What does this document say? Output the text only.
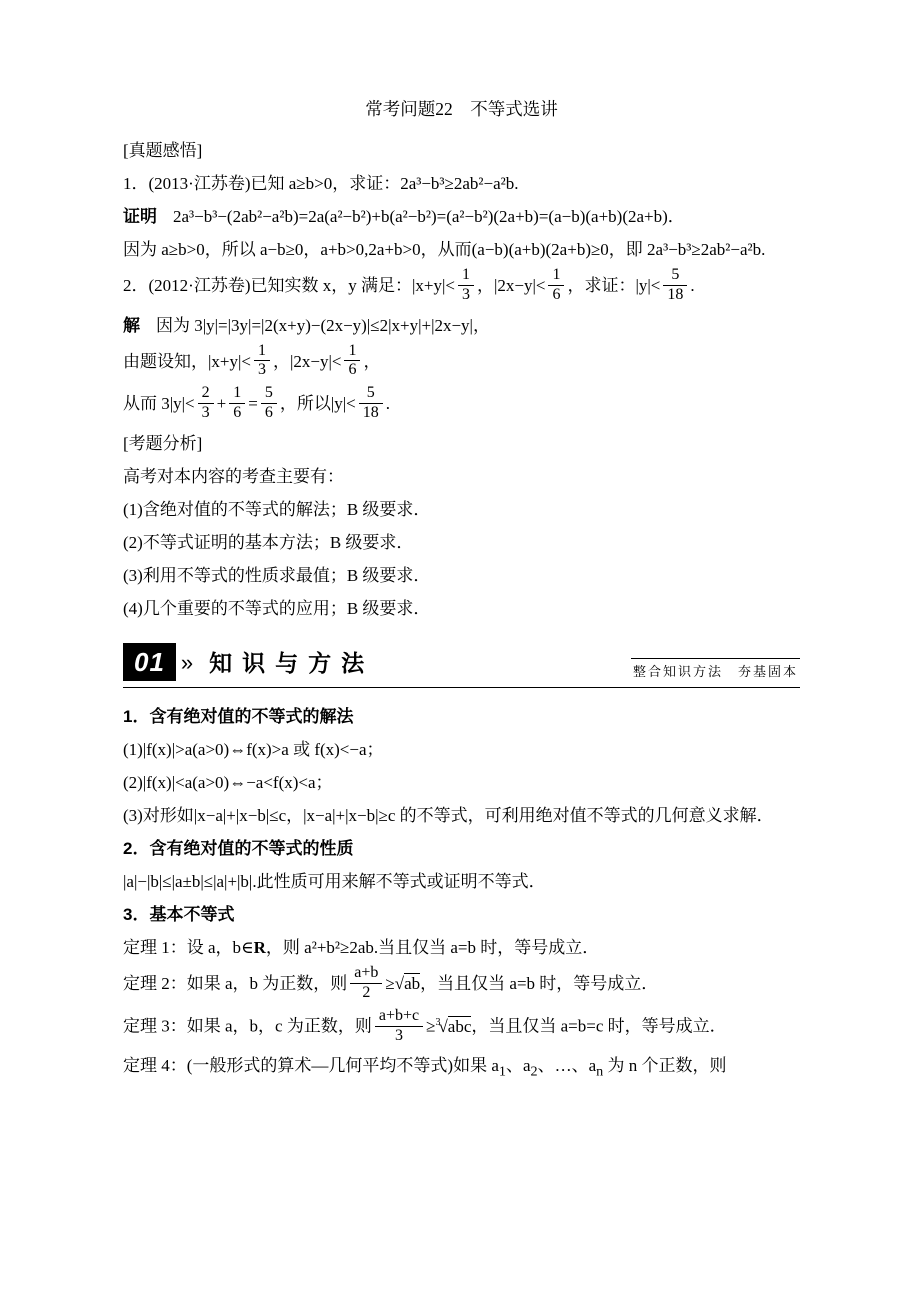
常考问题22　不等式选讲

[真题感悟]

1．(2013·江苏卷)已知 a≥b>0，求证：2a³−b³≥2ab²−a²b.

证明 2a³−b³−(2ab²−a²b)=2a(a²−b²)+b(a²−b²)=(a²−b²)(2a+b)=(a−b)(a+b)(2a+b)．

因为 a≥b>0，所以 a−b≥0，a+b>0,2a+b>0，从而(a−b)(a+b)(2a+b)≥0，即 2a³−b³≥2ab²−a²b.

2．(2012·江苏卷)已知实数 x，y 满足：$|x+y|< \frac{1}{3}$ ，$|2x-y|< \frac{1}{6}$ ，求证：$|y|< \frac{5}{18}$ .

解 因为 3|y|=|3y|=|2(x+y)−(2x−y)|≤2|x+y|+|2x−y|，

由题设知，$|x+y|< \frac{1}{3}$ ，$|2x-y|< \frac{1}{6}$ ，

从而 $3|y|< \frac{2}{3} + \frac{1}{6} = \frac{5}{6}$ ，所以$|y|< \frac{5}{18}$ .

[考题分析]

高考对本内容的考查主要有：

(1)含绝对值的不等式的解法；B 级要求．

(2)不等式证明的基本方法；B 级要求．

(3)利用不等式的性质求最值；B 级要求．

(4)几个重要的不等式的应用；B 级要求．

01 » 知识与方法	整合知识方法　夯基固本

1．含有绝对值的不等式的解法

(1)|f(x)|>a(a>0)⇔f(x)>a 或 f(x)<−a；

(2)|f(x)|<a(a>0)⇔−a<f(x)<a；

(3)对形如|x−a|+|x−b|≤c，|x−a|+|x−b|≥c 的不等式，可利用绝对值不等式的几何意义求解．

2．含有绝对值的不等式的性质

|a|−|b|≤|a±b|≤|a|+|b|.此性质可用来解不等式或证明不等式．

3．基本不等式

定理 1：设 a，b∈R，则 a²+b²≥2ab.当且仅当 a=b 时，等号成立．

定理 2：如果 a，b 为正数，则 $\frac{a+b}{2}$ ≥ √ ab，当且仅当 a=b 时，等号成立．

定理 3：如果 a，b，c 为正数，则 $\frac{a+b+c}{3} \ge^3$ √ abc，当且仅当 a=b=c 时，等号成立．

定理 4：(一般形式的算术—几何平均不等式)如果 $a_1$、$a_2$、…、$a_n$ 为 n 个正数，则
